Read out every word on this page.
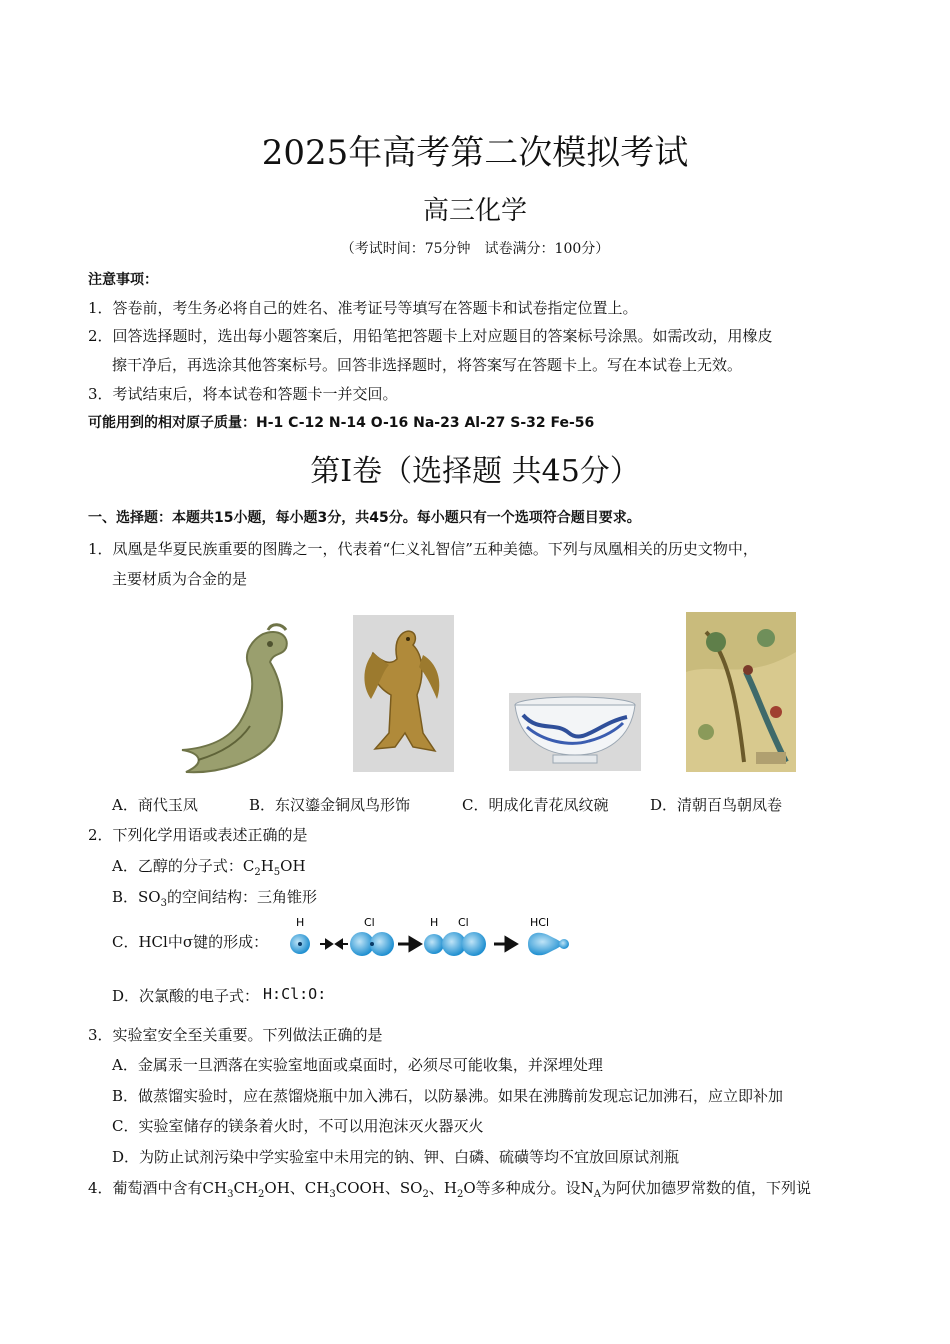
2025年高考第二次模拟考试
高三化学
（考试时间：75分钟　试卷满分：100分）
注意事项：
1．答卷前，考生务必将自己的姓名、准考证号等填写在答题卡和试卷指定位置上。
2．回答选择题时，选出每小题答案后，用铅笔把答题卡上对应题目的答案标号涂黑。如需改动，用橡皮
擦干净后，再选涂其他答案标号。回答非选择题时，将答案写在答题卡上。写在本试卷上无效。
3．考试结束后，将本试卷和答题卡一并交回。
可能用到的相对原子质量：H-1 C-12 N-14 O-16 Na-23 Al-27 S-32 Fe-56
第Ⅰ卷（选择题 共45分）
一、选择题：本题共15小题，每小题3分，共45分。每小题只有一个选项符合题目要求。
1．凤凰是华夏民族重要的图腾之一，代表着“仁义礼智信”五种美德。下列与凤凰相关的历史文物中，
主要材质为合金的是
A．商代玉凤	B．东汉鎏金铜凤鸟形饰	C．明成化青花凤纹碗	D．清朝百鸟朝凤卷
2．下列化学用语或表述正确的是
A．乙醇的分子式：$C_2H_5OH$
B．$SO_3$的空间结构：三角锥形
C．HCl中σ键的形成：
H	Cl	H Cl	HCl
D．次氯酸的电子式： H:Cl:O:
3．实验室安全至关重要。下列做法正确的是
A．金属汞一旦洒落在实验室地面或桌面时，必须尽可能收集，并深埋处理
B．做蒸馏实验时，应在蒸馏烧瓶中加入沸石，以防暴沸。如果在沸腾前发现忘记加沸石，应立即补加
C．实验室储存的镁条着火时，不可以用泡沫灭火器灭火
D．为防止试剂污染中学实验室中未用完的钠、钾、白磷、硫磺等均不宜放回原试剂瓶
4．葡萄酒中含有$CH_3CH_2OH$、$CH_3COOH$、$SO_2$、$H_2O$等多种成分。设$N_A$为阿伏加德罗常数的值，下列说
